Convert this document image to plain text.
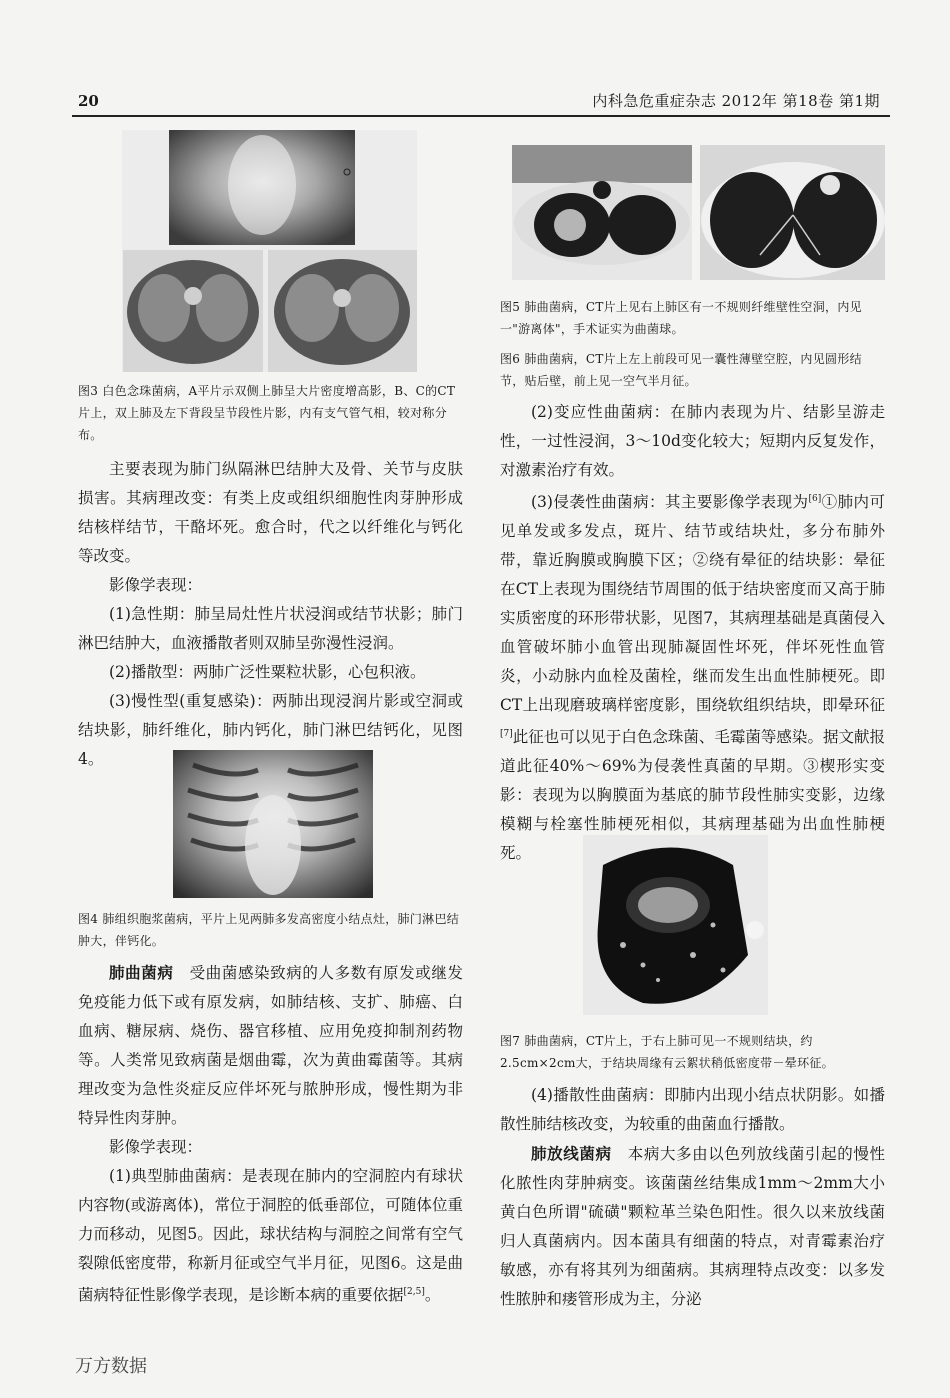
20	内科急危重症杂志 2012年 第18卷 第1期
图3 白色念珠菌病，A平片示双侧上肺呈大片密度增高影，B、C的CT片上，双上肺及左下背段呈节段性片影，内有支气管气相，较对称分布。

主要表现为肺门纵隔淋巴结肿大及骨、关节与皮肤损害。其病理改变：有类上皮或组织细胞性肉芽肿形成结核样结节，干酪坏死。愈合时，代之以纤维化与钙化等改变。

影像学表现：

(1)急性期：肺呈局灶性片状浸润或结节状影；肺门淋巴结肿大，血液播散者则双肺呈弥漫性浸润。

(2)播散型：两肺广泛性粟粒状影，心包积液。

(3)慢性型(重复感染)：两肺出现浸润片影或空洞或结块影，肺纤维化，肺内钙化，肺门淋巴结钙化，见图4。

图4 肺组织胞浆菌病，平片上见两肺多发高密度小结点灶，肺门淋巴结肿大，伴钙化。

肺曲菌病　 受曲菌感染致病的人多数有原发或继发免疫能力低下或有原发病，如肺结核、支扩、肺癌、白血病、糖尿病、烧伤、器官移植、应用免疫抑制剂药物等。人类常见致病菌是烟曲霉，次为黄曲霉菌等。其病理改变为急性炎症反应伴坏死与脓肿形成，慢性期为非特异性肉芽肿。

影像学表现：

(1)典型肺曲菌病：是表现在肺内的空洞腔内有球状内容物(或游离体)，常位于洞腔的低垂部位，可随体位重力而移动，见图5。因此，球状结构与洞腔之间常有空气裂隙低密度带，称新月征或空气半月征，见图6。这是曲菌病特征性影像学表现，是诊断本病的重要依据[2,5]。

图5 肺曲菌病，CT片上见右上肺区有一不规则纤维壁性空洞，内见一"游离体"，手术证实为曲菌球。
图6 肺曲菌病，CT片上左上前段可见一囊性薄壁空腔，内见圆形结节，贴后壁，前上见一空气半月征。

(2)变应性曲菌病：在肺内表现为片、结影呈游走性，一过性浸润，3～10d变化较大；短期内反复发作，对激素治疗有效。

(3)侵袭性曲菌病：其主要影像学表现为[6]①肺内可见单发或多发点，斑片、结节或结块灶，多分布肺外带，靠近胸膜或胸膜下区；②绕有晕征的结块影：晕征在CT上表现为围绕结节周围的低于结块密度而又高于肺实质密度的环形带状影，见图7，其病理基础是真菌侵入血管破坏肺小血管出现肺凝固性坏死，伴坏死性血管炎，小动脉内血栓及菌栓，继而发生出血性肺梗死。即CT上出现磨玻璃样密度影，围绕软组织结块，即晕环征[7]此征也可以见于白色念珠菌、毛霉菌等感染。据文献报道此征40%～69%为侵袭性真菌的早期。③楔形实变影：表现为以胸膜面为基底的肺节段性肺实变影，边缘模糊与栓塞性肺梗死相似，其病理基础为出血性肺梗死。

图7 肺曲菌病，CT片上，于右上肺可见一不规则结块，约2.5cm×2cm大，于结块周缘有云絮状稍低密度带－晕环征。

(4)播散性曲菌病：即肺内出现小结点状阴影。如播散性肺结核改变，为较重的曲菌血行播散。

肺放线菌病　 本病大多由以色列放线菌引起的慢性化脓性肉芽肿病变。该菌菌丝结集成1mm～2mm大小黄白色所谓"硫磺"颗粒革兰染色阳性。很久以来放线菌归人真菌病内。因本菌具有细菌的特点，对青霉素治疗敏感，亦有将其列为细菌病。其病理特点改变：以多发性脓肿和瘘管形成为主，分泌

万方数据
